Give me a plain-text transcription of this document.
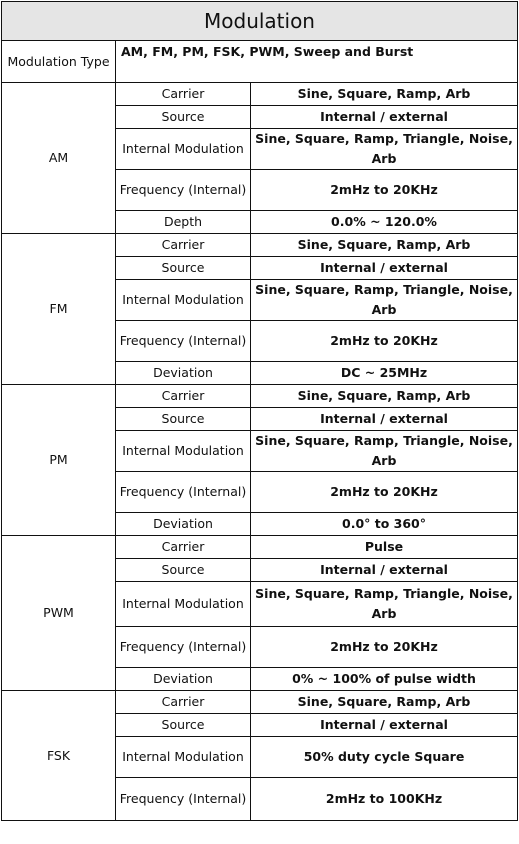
Modulation		
Modulation Type	AM, FM, PM, FSK, PWM, Sweep and Burst	
AM	Carrier	Sine, Square, Ramp, Arb
	Source	Internal / external
	Internal Modulation	Sine, Square, Ramp, Triangle, Noise, Arb
	Frequency (Internal)	2mHz to 20KHz
	Depth	0.0% ~ 120.0%
FM	Carrier	Sine, Square, Ramp, Arb
	Source	Internal / external
	Internal Modulation	Sine, Square, Ramp, Triangle, Noise, Arb
	Frequency (Internal)	2mHz to 20KHz
	Deviation	DC ~ 25MHz
PM	Carrier	Sine, Square, Ramp, Arb
	Source	Internal / external
	Internal Modulation	Sine, Square, Ramp, Triangle, Noise, Arb
	Frequency (Internal)	2mHz to 20KHz
	Deviation	0.0° to 360°
PWM	Carrier	Pulse
	Source	Internal / external
	Internal Modulation	Sine, Square, Ramp, Triangle, Noise, Arb
	Frequency (Internal)	2mHz to 20KHz
	Deviation	0% ~ 100% of pulse width
FSK	Carrier	Sine, Square, Ramp, Arb
	Source	Internal / external
	Internal Modulation	50% duty cycle Square
	Frequency (Internal)	2mHz to 100KHz
